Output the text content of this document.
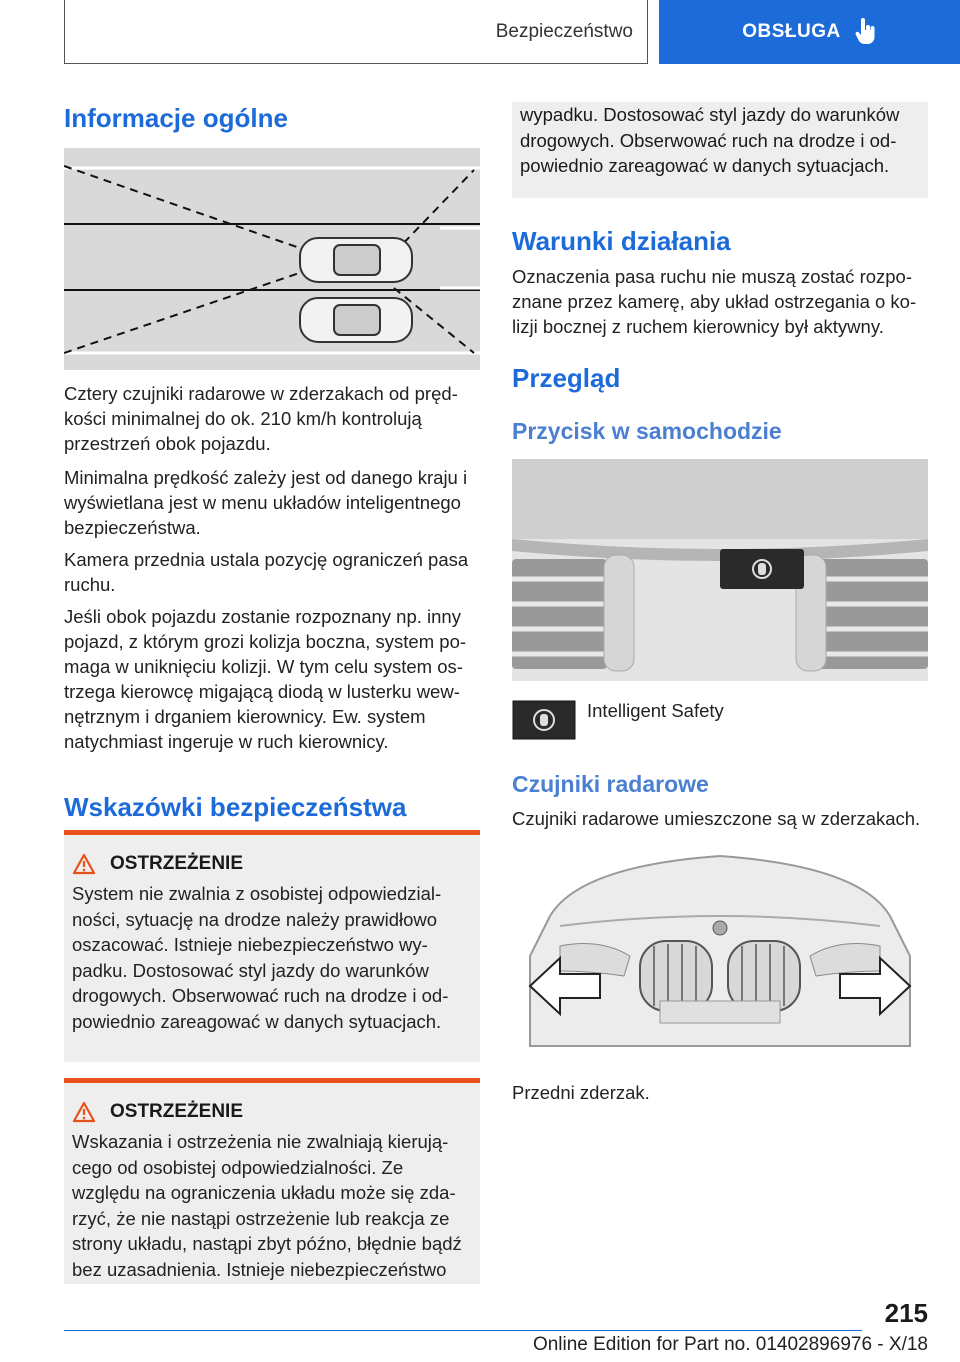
Bezpieczeństwo	OBSŁUGA
Informacje ogólne

Cztery czujniki radarowe w zderzakach od prędkości minimalnej do ok. 210 km/h kontrolują przestrzeń obok pojazdu.

Minimalna prędkość zależy jest od danego kraju i wyświetlana jest w menu układów inteligentnego bezpieczeństwa.

Kamera przednia ustala pozycję ograniczeń pasa ruchu.

Jeśli obok pojazdu zostanie rozpoznany np. inny pojazd, z którym grozi kolizja boczna, system pomaga w uniknięciu kolizji. W tym celu system ostrzega kierowcę migającą diodą w lusterku wewnętrznym i drganiem kierownicy. Ew. system natychmiast ingeruje w ruch kierownicy.

Wskazówki bezpieczeństwa
OSTRZEŻENIE
System nie zwalnia z osobistej odpowiedzialności, sytuację na drodze należy prawidłowo oszacować. Istnieje niebezpieczeństwo wypadku. Dostosować styl jazdy do warunków drogowych. Obserwować ruch na drodze i odpowiednio zareagować w danych sytuacjach.
OSTRZEŻENIE
Wskazania i ostrzeżenia nie zwalniają kierującego od osobistej odpowiedzialności. Ze względu na ograniczenia układu może się zdarzyć, że nie nastąpi ostrzeżenie lub reakcja ze strony układu, nastąpi zbyt późno, błędnie bądź bez uzasadnienia. Istnieje niebezpieczeństwo
wypadku. Dostosować styl jazdy do warunków drogowych. Obserwować ruch na drodze i odpowiednio zareagować w danych sytuacjach.
Warunki działania

Oznaczenia pasa ruchu nie muszą zostać rozpoznane przez kamerę, aby układ ostrzegania o kolizji bocznej z ruchem kierownicy był aktywny.

Przegląd
Przycisk w samochodzie

Intelligent Safety

Czujniki radarowe

Czujniki radarowe umieszczone są w zderzakach.

Przedni zderzak.

215
Online Edition for Part no. 01402896976 - X/18
